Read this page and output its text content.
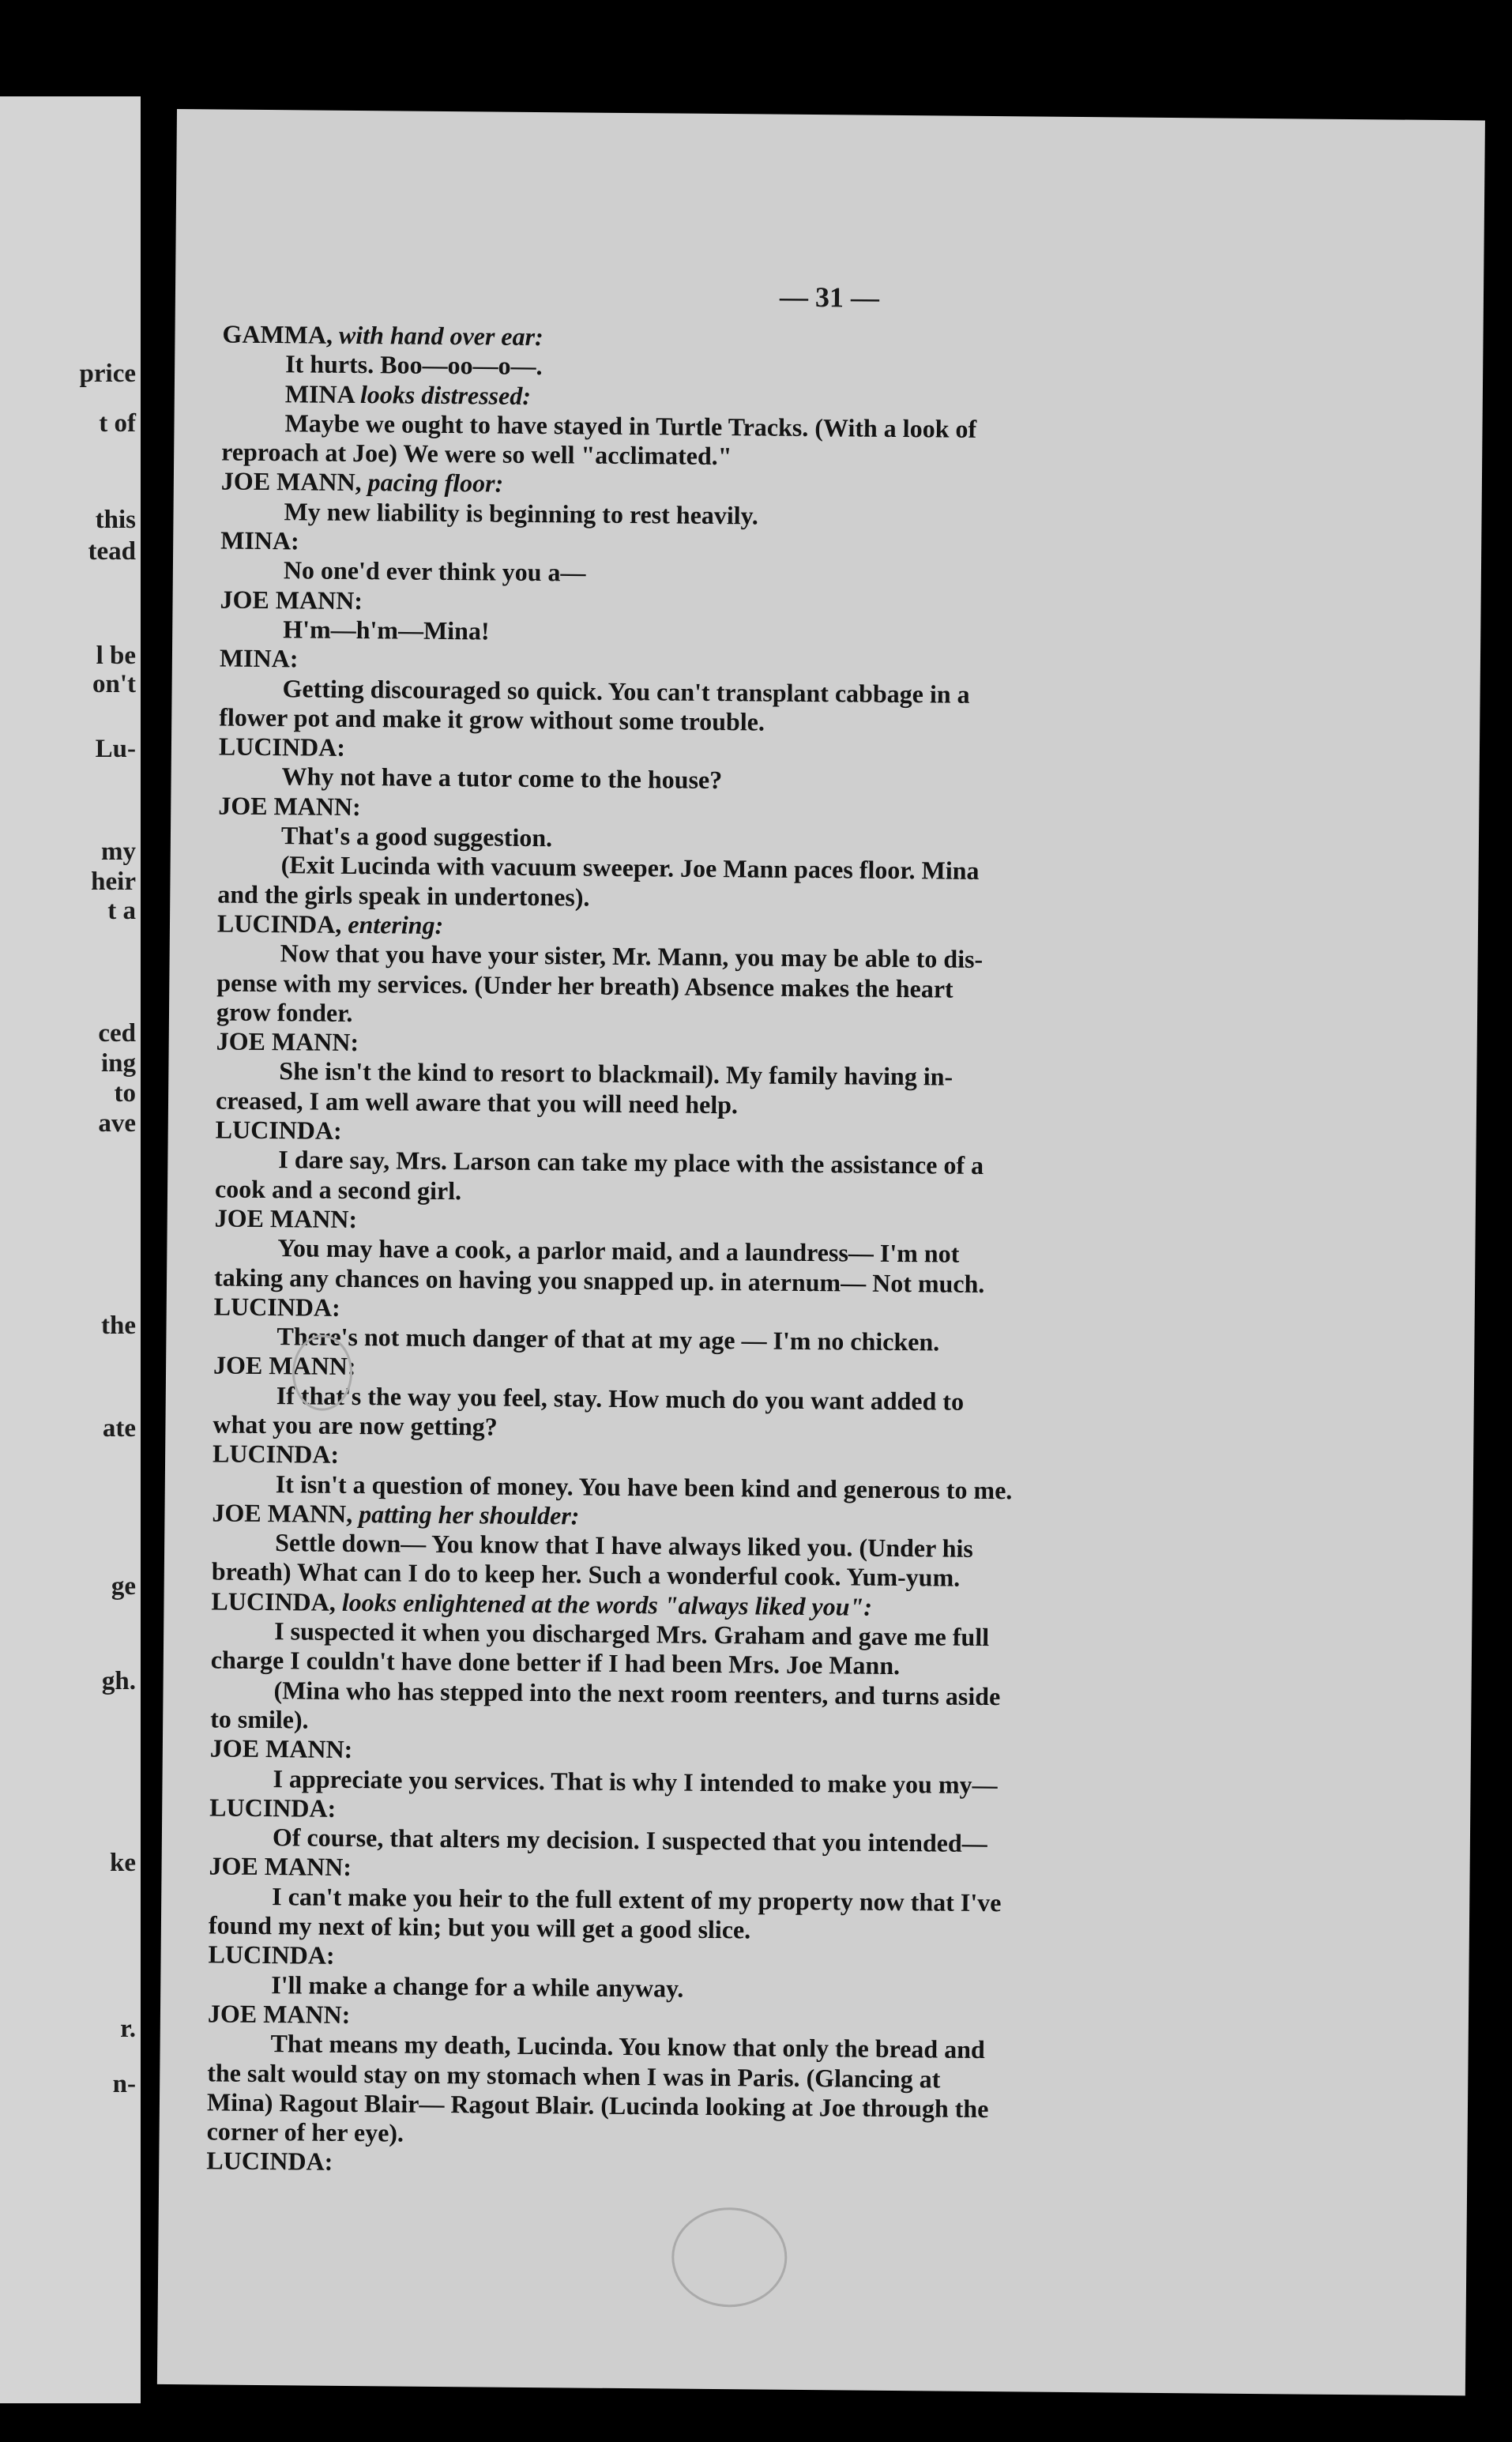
price
t of
this
tead
l be
on't
Lu-
my
heir
t a
ced
ing
to
ave
the
ate
ge
gh.
ke
r.
n-
— 31 —
GAMMA, with hand over ear:
It hurts. Boo—oo—o—.
MINA looks distressed:
Maybe we ought to have stayed in Turtle Tracks. (With a look of
reproach at Joe) We were so well "acclimated."
JOE MANN, pacing floor:
My new liability is beginning to rest heavily.
MINA:
No one'd ever think you a—
JOE MANN:
H'm—h'm—Mina!
MINA:
Getting discouraged so quick. You can't transplant cabbage in a
flower pot and make it grow without some trouble.
LUCINDA:
Why not have a tutor come to the house?
JOE MANN:
That's a good suggestion.
(Exit Lucinda with vacuum sweeper. Joe Mann paces floor. Mina
and the girls speak in undertones).
LUCINDA, entering:
Now that you have your sister, Mr. Mann, you may be able to dis-
pense with my services. (Under her breath) Absence makes the heart
grow fonder.
JOE MANN:
She isn't the kind to resort to blackmail). My family having in-
creased, I am well aware that you will need help.
LUCINDA:
I dare say, Mrs. Larson can take my place with the assistance of a
cook and a second girl.
JOE MANN:
You may have a cook, a parlor maid, and a laundress— I'm not
taking any chances on having you snapped up. in aternum— Not much.
LUCINDA:
There's not much danger of that at my age — I'm no chicken.
JOE MANN:
If that's the way you feel, stay. How much do you want added to
what you are now getting?
LUCINDA:
It isn't a question of money. You have been kind and generous to me.
JOE MANN, patting her shoulder:
Settle down— You know that I have always liked you. (Under his
breath) What can I do to keep her. Such a wonderful cook. Yum-yum.
LUCINDA, looks enlightened at the words "always liked you":
I suspected it when you discharged Mrs. Graham and gave me full
charge I couldn't have done better if I had been Mrs. Joe Mann.
(Mina who has stepped into the next room reenters, and turns aside
to smile).
JOE MANN:
I appreciate you services. That is why I intended to make you my—
LUCINDA:
Of course, that alters my decision. I suspected that you intended—
JOE MANN:
I can't make you heir to the full extent of my property now that I've
found my next of kin; but you will get a good slice.
LUCINDA:
I'll make a change for a while anyway.
JOE MANN:
That means my death, Lucinda. You know that only the bread and
the salt would stay on my stomach when I was in Paris. (Glancing at
Mina) Ragout Blair— Ragout Blair. (Lucinda looking at Joe through the
corner of her eye).
LUCINDA:
